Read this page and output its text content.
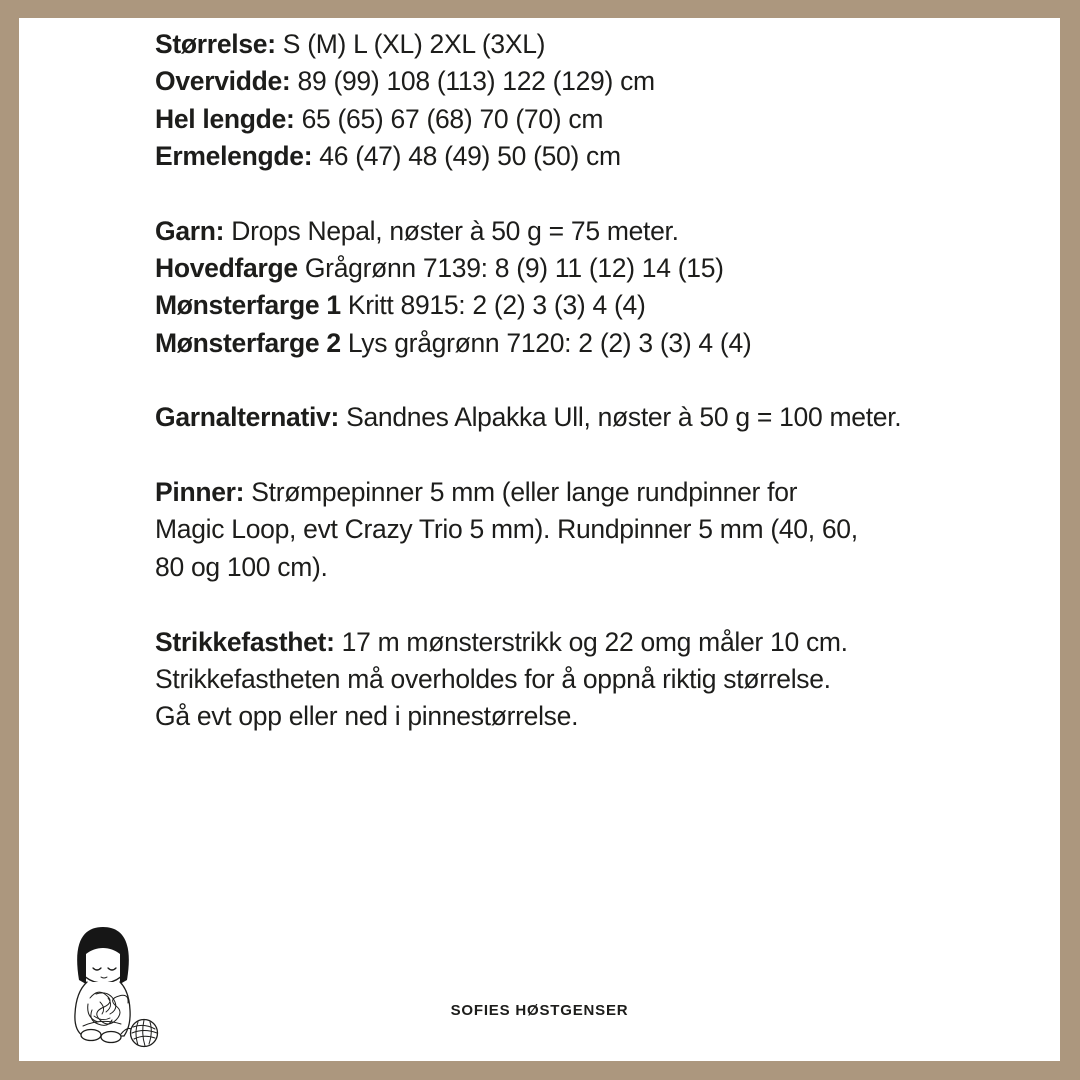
Størrelse: S (M) L (XL) 2XL (3XL)
Overvidde: 89 (99) 108 (113) 122 (129) cm
Hel lengde: 65 (65) 67 (68) 70 (70) cm
Ermelengde: 46 (47) 48 (49) 50 (50) cm
Garn: Drops Nepal, nøster à 50 g = 75 meter.
Hovedfarge Grågrønn 7139: 8 (9) 11 (12) 14 (15)
Mønsterfarge 1 Kritt 8915: 2 (2) 3 (3) 4 (4)
Mønsterfarge 2 Lys grågrønn 7120: 2 (2) 3 (3) 4 (4)
Garnalternativ: Sandnes Alpakka Ull, nøster à 50 g = 100 meter.
Pinner: Strømpepinner 5 mm (eller lange rundpinner for
Magic Loop, evt Crazy Trio 5 mm). Rundpinner 5 mm (40, 60,
80 og 100 cm).
Strikkefasthet: 17 m mønsterstrikk og 22 omg måler 10 cm.
Strikkefastheten må overholdes for å oppnå riktig størrelse.
Gå evt opp eller ned i pinnestørrelse.
SOFIES HØSTGENSER
